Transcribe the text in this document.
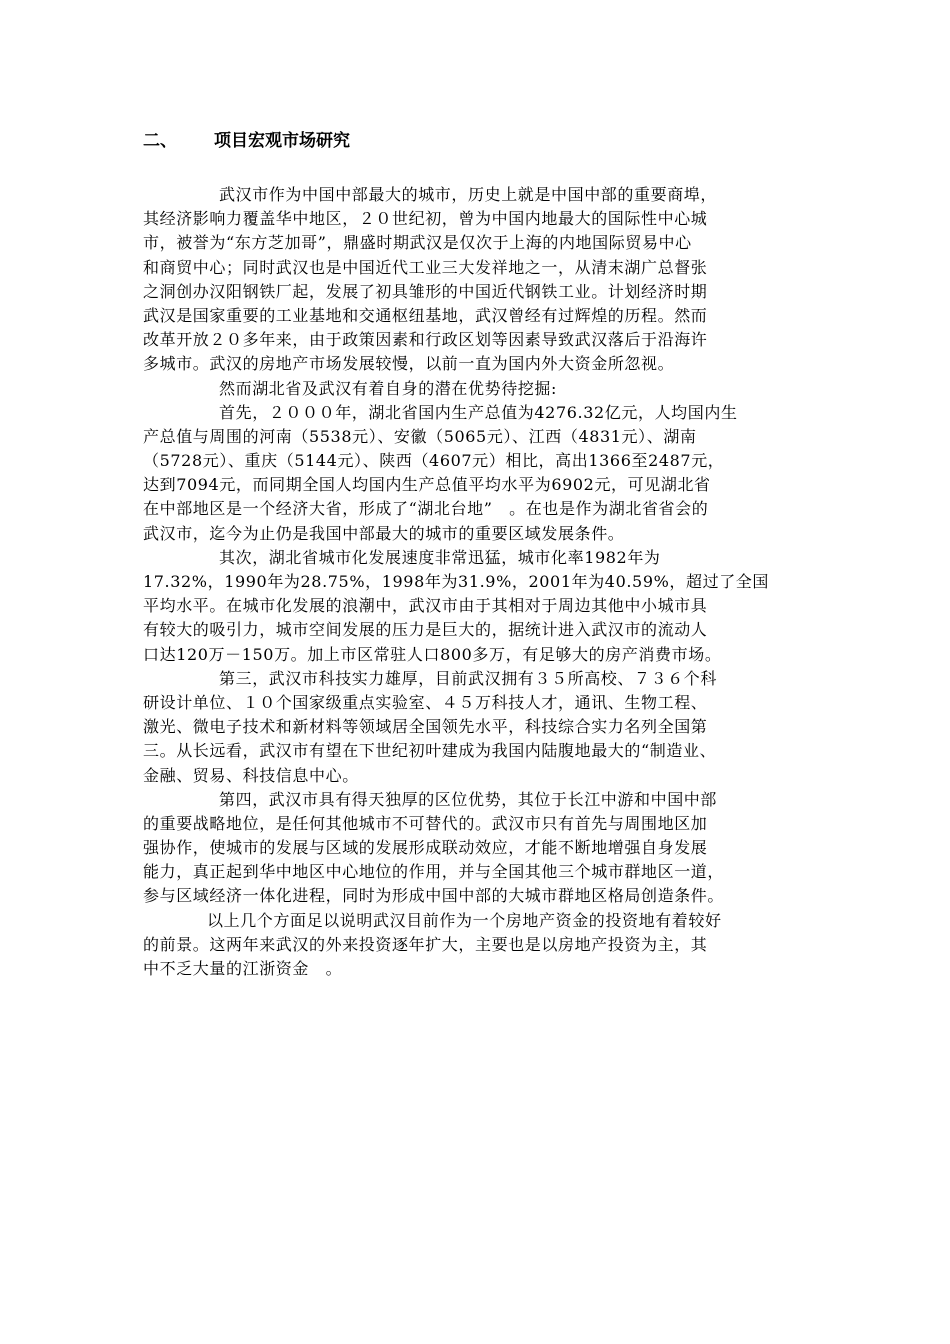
二、 项目宏观市场研究
武汉市作为中国中部最大的城市，历史上就是中国中部的重要商埠，
其经济影响力覆盖华中地区，２０世纪初，曾为中国内地最大的国际性中心城
市，被誉为“东方芝加哥”，鼎盛时期武汉是仅次于上海的内地国际贸易中心
和商贸中心；同时武汉也是中国近代工业三大发祥地之一，从清末湖广总督张
之洞创办汉阳钢铁厂起，发展了初具雏形的中国近代钢铁工业。计划经济时期
武汉是国家重要的工业基地和交通枢纽基地，武汉曾经有过辉煌的历程。然而
改革开放２０多年来，由于政策因素和行政区划等因素导致武汉落后于沿海许
多城市。武汉的房地产市场发展较慢，以前一直为国内外大资金所忽视。
然而湖北省及武汉有着自身的潜在优势待挖掘:
首先，２０００年，湖北省国内生产总值为4276.32亿元，人均国内生
产总值与周围的河南（5538元）、安徽（5065元）、江西（4831元）、湖南
（5728元）、重庆（5144元）、陕西（4607元）相比，高出1366至2487元，
达到7094元，而同期全国人均国内生产总值平均水平为6902元，可见湖北省
在中部地区是一个经济大省，形成了“湖北台地”　。在也是作为湖北省省会的
武汉市，迄今为止仍是我国中部最大的城市的重要区域发展条件。
其次，湖北省城市化发展速度非常迅猛，城市化率1982年为
17.32%，1990年为28.75%，1998年为31.9%，2001年为40.59%，超过了全国
平均水平。在城市化发展的浪潮中，武汉市由于其相对于周边其他中小城市具
有较大的吸引力，城市空间发展的压力是巨大的，据统计进入武汉市的流动人
口达120万－150万。加上市区常驻人口800多万，有足够大的房产消费市场。
第三，武汉市科技实力雄厚，目前武汉拥有３５所高校、７３６个科
研设计单位、１０个国家级重点实验室、４５万科技人才，通讯、生物工程、
激光、微电子技术和新材料等领域居全国领先水平，科技综合实力名列全国第
三。从长远看，武汉市有望在下世纪初叶建成为我国内陆腹地最大的“制造业、
金融、贸易、科技信息中心。
第四，武汉市具有得天独厚的区位优势，其位于长江中游和中国中部
的重要战略地位，是任何其他城市不可替代的。武汉市只有首先与周围地区加
强协作，使城市的发展与区域的发展形成联动效应，才能不断地增强自身发展
能力，真正起到华中地区中心地位的作用，并与全国其他三个城市群地区一道，
参与区域经济一体化进程，同时为形成中国中部的大城市群地区格局创造条件。
以上几个方面足以说明武汉目前作为一个房地产资金的投资地有着较好
的前景。这两年来武汉的外来投资逐年扩大，主要也是以房地产投资为主，其
中不乏大量的江浙资金　。
